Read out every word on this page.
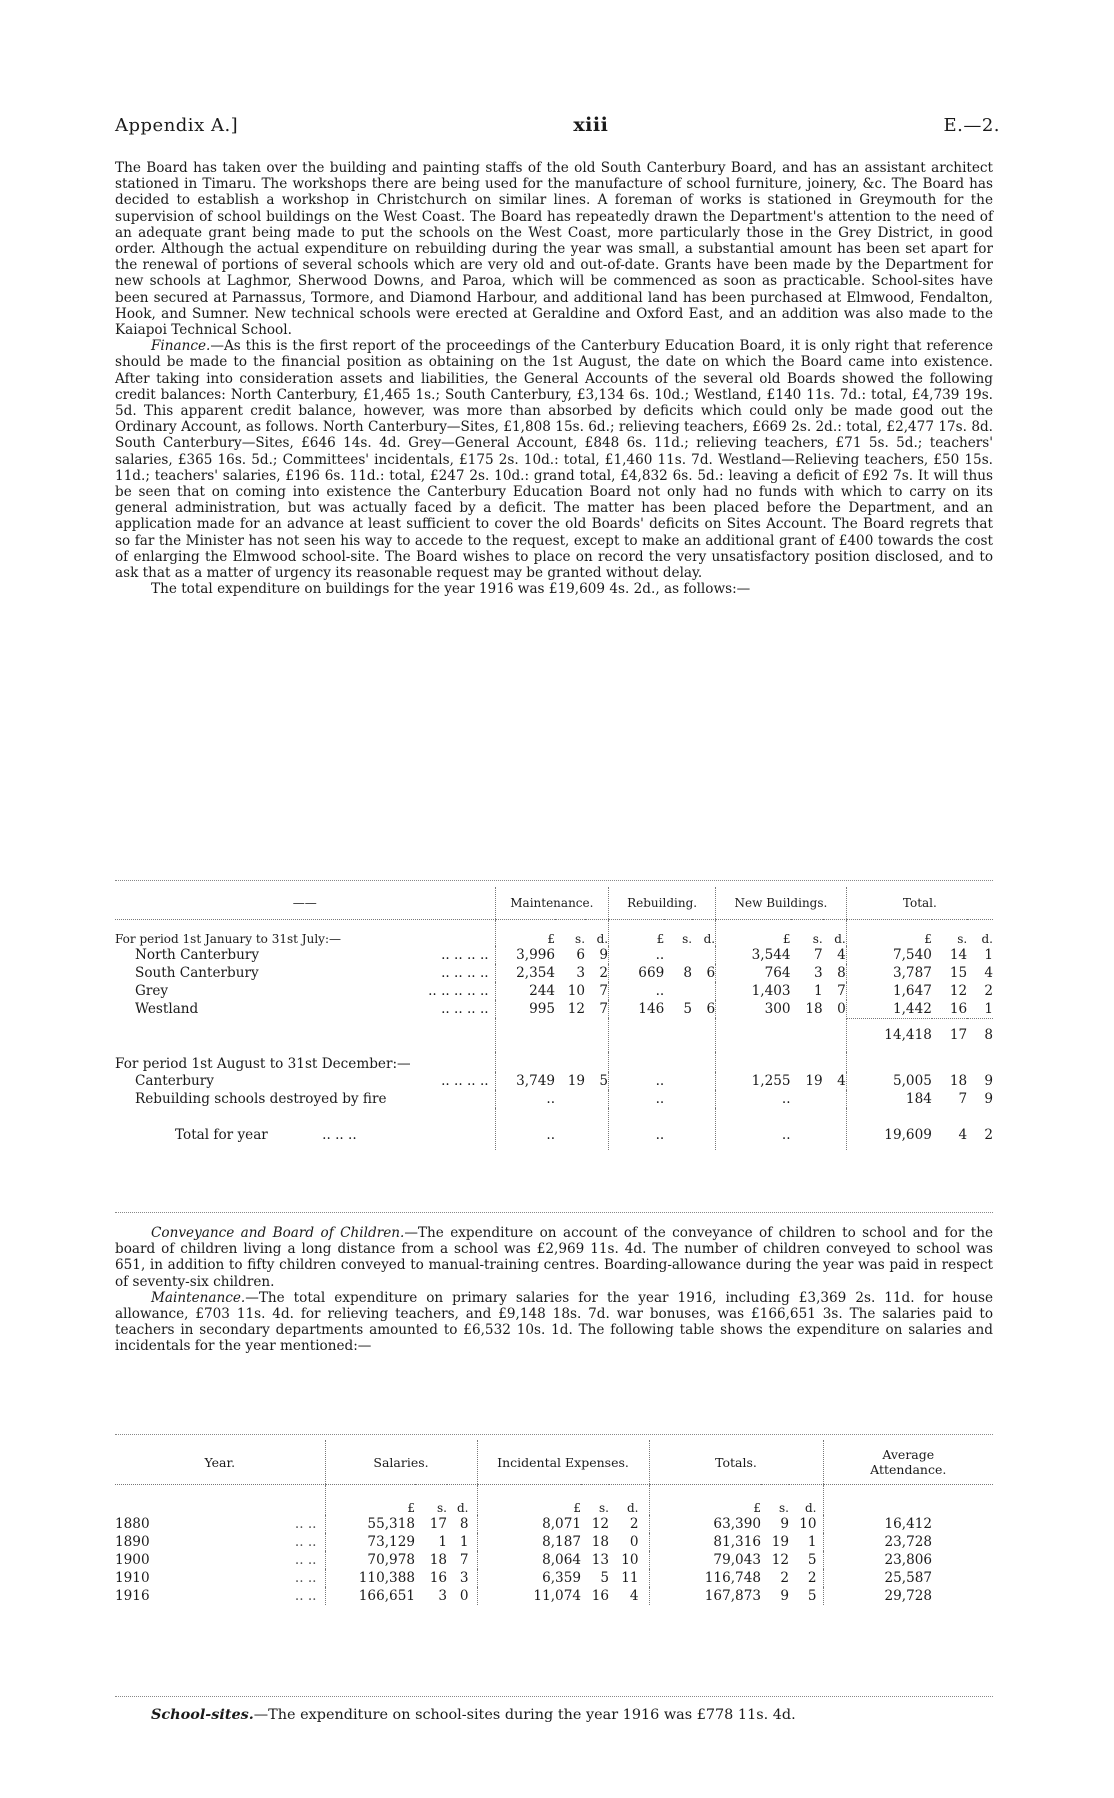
Appendix A.]	xiii	E.—2.

The Board has taken over the building and painting staffs of the old South Canterbury Board, and has an assistant architect stationed in Timaru. The workshops there are being used for the manufacture of school furniture, joinery, &c. The Board has decided to establish a workshop in Christchurch on similar lines. A foreman of works is stationed in Greymouth for the supervision of school buildings on the West Coast. The Board has repeatedly drawn the Department's attention to the need of an adequate grant being made to put the schools on the West Coast, more particularly those in the Grey District, in good order. Although the actual expenditure on rebuilding during the year was small, a substantial amount has been set apart for the renewal of portions of several schools which are very old and out-of-date. Grants have been made by the Department for new schools at Laghmor, Sherwood Downs, and Paroa, which will be commenced as soon as practicable. School-sites have been secured at Parnassus, Tormore, and Diamond Harbour, and additional land has been purchased at Elmwood, Fendalton, Hook, and Sumner. New technical schools were erected at Geraldine and Oxford East, and an addition was also made to the Kaiapoi Technical School.

Finance.—As this is the first report of the proceedings of the Canterbury Education Board, it is only right that reference should be made to the financial position as obtaining on the 1st August, the date on which the Board came into existence. After taking into consideration assets and liabilities, the General Accounts of the several old Boards showed the following credit balances: North Canterbury, £1,465 1s.; South Canterbury, £3,134 6s. 10d.; Westland, £140 11s. 7d.: total, £4,739 19s. 5d. This apparent credit balance, however, was more than absorbed by deficits which could only be made good out the Ordinary Account, as follows. North Canterbury—Sites, £1,808 15s. 6d.; relieving teachers, £669 2s. 2d.: total, £2,477 17s. 8d. South Canterbury—Sites, £646 14s. 4d. Grey—General Account, £848 6s. 11d.; relieving teachers, £71 5s. 5d.; teachers' salaries, £365 16s. 5d.; Committees' incidentals, £175 2s. 10d.: total, £1,460 11s. 7d. Westland—Relieving teachers, £50 15s. 11d.; teachers' salaries, £196 6s. 11d.: total, £247 2s. 10d.: grand total, £4,832 6s. 5d.: leaving a deficit of £92 7s. It will thus be seen that on coming into existence the Canterbury Education Board not only had no funds with which to carry on its general administration, but was actually faced by a deficit. The matter has been placed before the Department, and an application made for an advance at least sufficient to cover the old Boards' deficits on Sites Account. The Board regrets that so far the Minister has not seen his way to accede to the request, except to make an additional grant of £400 towards the cost of enlarging the Elmwood school-site. The Board wishes to place on record the very unsatisfactory position disclosed, and to ask that as a matter of urgency its reasonable request may be granted without delay.

The total expenditure on buildings for the year 1916 was £19,609 4s. 2d., as follows:—

——	Maintenance.			Rebuilding.			New Buildings.			Total.		
For period 1st January to 31st July:—	£	s.	d.	£	s.	d.	£	s.	d.	£	s.	d.
North Canterbury .. .. .. ..	3,996	6	9	..			3,544	7	4	7,540	14	1
South Canterbury .. .. .. ..	2,354	3	2	669	8	6	764	3	8	3,787	15	4
Grey .. .. .. .. ..	244	10	7	..			1,403	1	7	1,647	12	2
Westland .. .. .. ..	995	12	7	146	5	6	300	18	0	1,442	16	1
										14,418	17	8
For period 1st August to 31st December:—												
Canterbury .. .. .. ..	3,749	19	5	..			1,255	19	4	5,005	18	9
Rebuilding schools destroyed by fire	..			..			..			184	7	9
Total for year .. .. ..	..			..			..			19,609	4	2

Conveyance and Board of Children.—The expenditure on account of the conveyance of children to school and for the board of children living a long distance from a school was £2,969 11s. 4d. The number of children conveyed to school was 651, in addition to fifty children conveyed to manual-training centres. Boarding-allowance during the year was paid in respect of seventy-six children.

Maintenance.—The total expenditure on primary salaries for the year 1916, including £3,369 2s. 11d. for house allowance, £703 11s. 4d. for relieving teachers, and £9,148 18s. 7d. war bonuses, was £166,651 3s. The salaries paid to teachers in secondary departments amounted to £6,532 10s. 1d. The following table shows the expenditure on salaries and incidentals for the year mentioned:—

Year.	Salaries.			Incidental Expenses.			Totals.			Average Attendance.
	£	s.	d.	£	s.	d.	£	s.	d.	
1880 .. ..	55,318	17	8	8,071	12	2	63,390	9	10	16,412
1890 .. ..	73,129	1	1	8,187	18	0	81,316	19	1	23,728
1900 .. ..	70,978	18	7	8,064	13	10	79,043	12	5	23,806
1910 .. ..	110,388	16	3	6,359	5	11	116,748	2	2	25,587
1916 .. ..	166,651	3	0	11,074	16	4	167,873	9	5	29,728
School-sites.—The expenditure on school-sites during the year 1916 was £778 11s. 4d.
